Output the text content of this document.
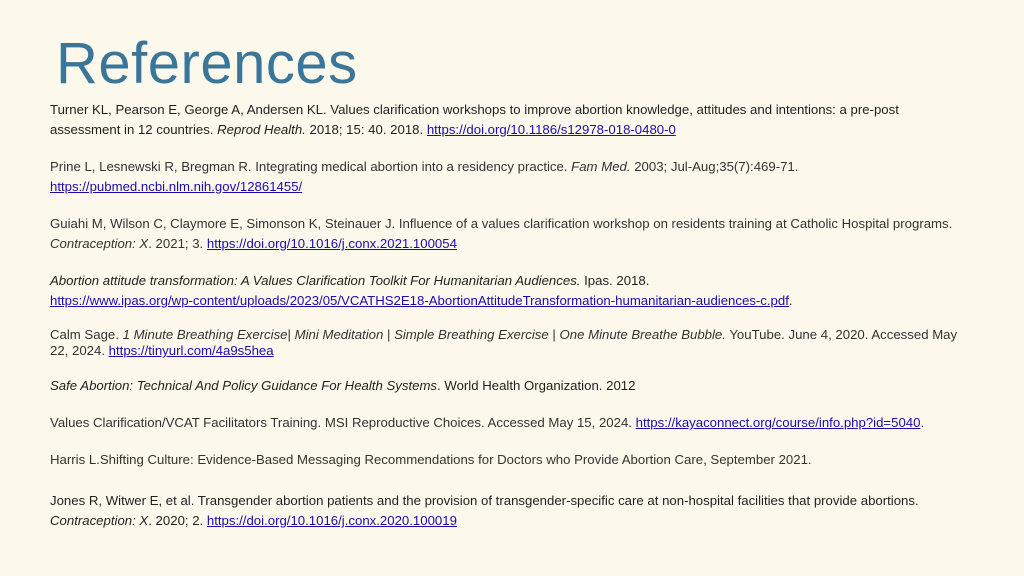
References

Turner KL, Pearson E, George A, Andersen KL. Values clarification workshops to improve abortion knowledge, attitudes and intentions: a pre-post assessment in 12 countries. Reprod Health. 2018; 15: 40. 2018. https://doi.org/10.1186/s12978-018-0480-0

Prine L, Lesnewski R, Bregman R. Integrating medical abortion into a residency practice. Fam Med. 2003; Jul-Aug;35(7):469-71.
https://pubmed.ncbi.nlm.nih.gov/12861455/

Guiahi M, Wilson C, Claymore E, Simonson K, Steinauer J. Influence of a values clarification workshop on residents training at Catholic Hospital programs. Contraception: X. 2021; 3. https://doi.org/10.1016/j.conx.2021.100054

Abortion attitude transformation: A Values Clarification Toolkit For Humanitarian Audiences. Ipas. 2018.
https://www.ipas.org/wp-content/uploads/2023/05/VCATHS2E18-AbortionAttitudeTransformation-humanitarian-audiences-c.pdf.

Calm Sage. 1 Minute Breathing Exercise| Mini Meditation | Simple Breathing Exercise | One Minute Breathe Bubble. YouTube. June 4, 2020. Accessed May 22, 2024. https://tinyurl.com/4a9s5hea

Safe Abortion: Technical And Policy Guidance For Health Systems. World Health Organization. 2012

Values Clarification/VCAT Facilitators Training. MSI Reproductive Choices. Accessed May 15, 2024. https://kayaconnect.org/course/info.php?id=5040.

Harris L.Shifting Culture: Evidence-Based Messaging Recommendations for Doctors who Provide Abortion Care, September 2021.

Jones R, Witwer E, et al. Transgender abortion patients and the provision of transgender-specific care at non-hospital facilities that provide abortions.
Contraception: X. 2020; 2. https://doi.org/10.1016/j.conx.2020.100019
